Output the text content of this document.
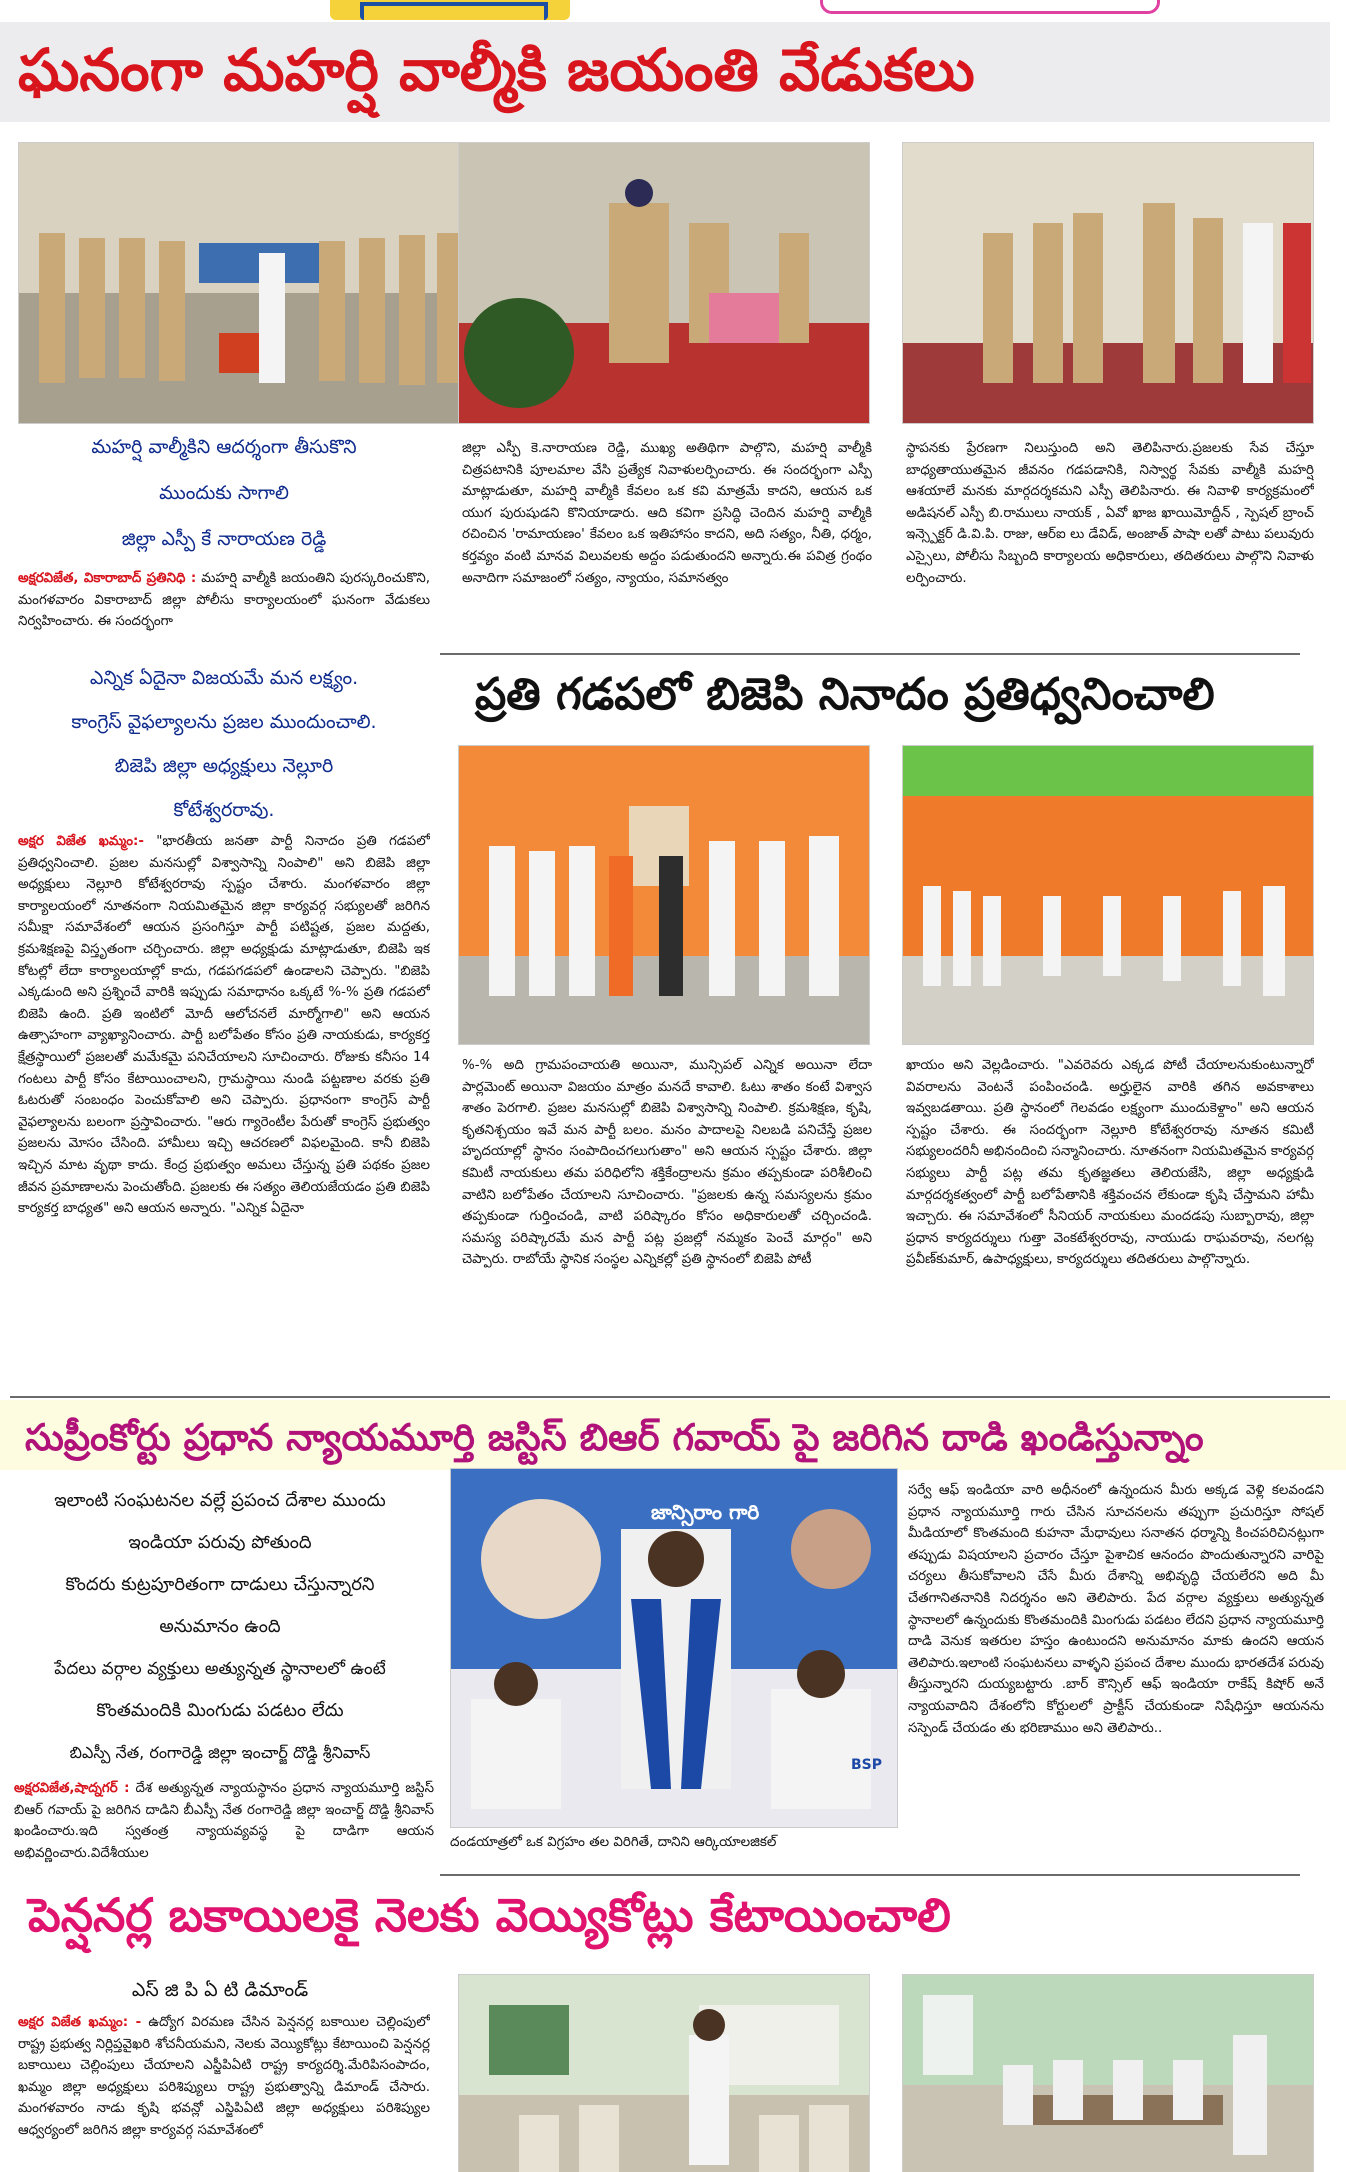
ఘనంగా మహర్షి వాల్మీకి జయంతి వేడుకలు
మహర్షి వాల్మీకిని ఆదర్శంగా తీసుకొని
ముందుకు సాగాలి
జిల్లా ఎస్పీ కే నారాయణ రెడ్డి
అక్షరవిజేత, వికారాబాద్ ప్రతినిధి : మహర్షి వాల్మీకి జయంతిని పురస్కరించుకొని, మంగళవారం వికారాబాద్ జిల్లా పోలీసు కార్యాలయంలో ఘనంగా వేడుకలు నిర్వహించారు. ఈ సందర్భంగా
జిల్లా ఎస్పీ కె.నారాయణ రెడ్డి, ముఖ్య అతిథిగా పాల్గొని, మహర్షి వాల్మీకి చిత్రపటానికి పూలమాల వేసి ప్రత్యేక నివాళులర్పించారు. ఈ సందర్భంగా ఎస్పీ మాట్లాడుతూ, మహర్షి వాల్మీకి కేవలం ఒక కవి మాత్రమే కాదని, ఆయన ఒక యుగ పురుషుడని కొనియాడారు. ఆది కవిగా ప్రసిద్ధి చెందిన మహర్షి వాల్మీకి రచించిన 'రామాయణం' కేవలం ఒక ఇతిహాసం కాదని, అది సత్యం, నీతి, ధర్మం, కర్తవ్యం వంటి మానవ విలువలకు అద్దం పడుతుందని అన్నారు.ఈ పవిత్ర గ్రంథం అనాదిగా సమాజంలో సత్యం, న్యాయం, సమానత్వం
స్థాపనకు ప్రేరణగా నిలుస్తుంది అని తెలిపినారు.ప్రజలకు సేవ చేస్తూ బాధ్యతాయుతమైన జీవనం గడపడానికి, నిస్వార్థ సేవకు వాల్మీకి మహర్షి ఆశయాలే మనకు మార్గదర్శకమని ఎస్పీ తెలిపినారు. ఈ నివాళి కార్యక్రమంలో అడిషనల్ ఎస్పీ బి.రాములు నాయక్ , ఏవో ఖాజ ఖాయిమోద్దీన్ , స్పెషల్ బ్రాంచ్ ఇన్స్పెక్టర్ డి.వి.పి. రాజు, ఆర్ఐ లు డేవిడ్, అంజాత్ పాషా లతో పాటు పలువురు ఎస్సైలు, పోలీసు సిబ్బంది కార్యాలయ అధికారులు, తదితరులు పాల్గొని నివాళు లర్పించారు.
ప్రతి గడపలో బిజెపి నినాదం ప్రతిధ్వనించాలి
ఎన్నిక ఏదైనా విజయమే మన లక్ష్యం.
కాంగ్రెస్ వైఫల్యాలను ప్రజల ముందుంచాలి.
బిజెపి జిల్లా అధ్యక్షులు నెల్లూరి
కోటేశ్వరరావు.
అక్షర విజేత ఖమ్మం:- "భారతీయ జనతా పార్టీ నినాదం ప్రతి గడపలో ప్రతిధ్వనించాలి. ప్రజల మనసుల్లో విశ్వాసాన్ని నింపాలి" అని బిజెపి జిల్లా అధ్యక్షులు నెల్లూరి కోటేశ్వరరావు స్పష్టం చేశారు. మంగళవారం జిల్లా కార్యాలయంలో నూతనంగా నియమితమైన జిల్లా కార్యవర్గ సభ్యులతో జరిగిన సమీక్షా సమావేశంలో ఆయన ప్రసంగిస్తూ పార్టీ పటిష్టత, ప్రజల మద్దతు, క్రమశిక్షణపై విస్తృతంగా చర్చించారు. జిల్లా అధ్యక్షుడు మాట్లాడుతూ, బిజెపి ఇక కోటల్లో లేదా కార్యాలయాల్లో కాదు, గడపగడపలో ఉండాలని చెప్పారు. "బిజెపి ఎక్కడుంది అని ప్రశ్నించే వారికి ఇప్పుడు సమాధానం ఒక్కటే %-% ప్రతి గడపలో బిజెపి ఉంది. ప్రతి ఇంటిలో మోదీ ఆలోచనలే మార్మోగాలి" అని ఆయన ఉత్సాహంగా వ్యాఖ్యానించారు. పార్టీ బలోపేతం కోసం ప్రతి నాయకుడు, కార్యకర్త క్షేత్రస్థాయిలో ప్రజలతో మమేకమై పనిచేయాలని సూచించారు. రోజుకు కనీసం 14 గంటలు పార్టీ కోసం కేటాయించాలని, గ్రామస్థాయి నుండి పట్టణాల వరకు ప్రతి ఓటరుతో సంబంధం పెంచుకోవాలి అని చెప్పారు. ప్రధానంగా కాంగ్రెస్ పార్టీ వైఫల్యాలను బలంగా ప్రస్తావించారు. "ఆరు గ్యారెంటీల పేరుతో కాంగ్రెస్ ప్రభుత్వం ప్రజలను మోసం చేసింది. హామీలు ఇచ్చి ఆచరణలో విఫలమైంది. కానీ బిజెపి ఇచ్చిన మాట వృథా కాదు. కేంద్ర ప్రభుత్వం అమలు చేస్తున్న ప్రతి పథకం ప్రజల జీవన ప్రమాణాలను పెంచుతోంది. ప్రజలకు ఈ సత్యం తెలియజేయడం ప్రతి బిజెపి కార్యకర్త బాధ్యత" అని ఆయన అన్నారు. "ఎన్నిక ఏదైనా
%-% అది గ్రామపంచాయతి అయినా, మున్సిపల్ ఎన్నిక అయినా లేదా పార్లమెంట్ అయినా విజయం మాత్రం మనదే కావాలి. ఓటు శాతం కంటే విశ్వాస శాతం పెరగాలి. ప్రజల మనసుల్లో బిజెపి విశ్వాసాన్ని నింపాలి. క్రమశిక్షణ, కృషి, కృతనిశ్చయం ఇవే మన పార్టీ బలం. మనం పాదాలపై నిలబడి పనిచేస్తే ప్రజల హృదయాల్లో స్థానం సంపాదించగలుగుతాం" అని ఆయన స్పష్టం చేశారు. జిల్లా కమిటీ నాయకులు తమ పరిధిలోని శక్తికేంద్రాలను క్రమం తప్పకుండా పరిశీలించి వాటిని బలోపేతం చేయాలని సూచించారు. "ప్రజలకు ఉన్న సమస్యలను క్రమం తప్పకుండా గుర్తించండి, వాటి పరిష్కారం కోసం అధికారులతో చర్చించండి. సమస్య పరిష్కారమే మన పార్టీ పట్ల ప్రజల్లో నమ్మకం పెంచే మార్గం" అని చెప్పారు. రాబోయే స్థానిక సంస్థల ఎన్నికల్లో ప్రతి స్థానంలో బిజెపి పోటీ
ఖాయం అని వెల్లడించారు. "ఎవరెవరు ఎక్కడ పోటీ చేయాలనుకుంటున్నారో వివరాలను వెంటనే పంపించండి. అర్హులైన వారికి తగిన అవకాశాలు ఇవ్వబడతాయి. ప్రతి స్థానంలో గెలవడం లక్ష్యంగా ముందుకెళ్దాం" అని ఆయన స్పష్టం చేశారు. ఈ సందర్భంగా నెల్లూరి కోటేశ్వరరావు నూతన కమిటీ సభ్యులందరినీ అభినందించి సన్మానించారు. నూతనంగా నియమితమైన కార్యవర్గ సభ్యులు పార్టీ పట్ల తమ కృతజ్ఞతలు తెలియజేసి, జిల్లా అధ్యక్షుడి మార్గదర్శకత్వంలో పార్టీ బలోపేతానికి శక్తివంచన లేకుండా కృషి చేస్తామని హామీ ఇచ్చారు. ఈ సమావేశంలో సీనియర్ నాయకులు మందడపు సుబ్బారావు, జిల్లా ప్రధాన కార్యదర్శులు గుత్తా వెంకటేశ్వరరావు, నాయుడు రాఘవరావు, నలగట్ల ప్రవీణ్‌కుమార్, ఉపాధ్యక్షులు, కార్యదర్శులు తదితరులు పాల్గొన్నారు.
సుప్రీంకోర్టు ప్రధాన న్యాయమూర్తి జస్టిస్ బిఆర్ గవాయ్ పై జరిగిన దాడి ఖండిస్తున్నాం
ఇలాంటి సంఘటనల వల్లే ప్రపంచ దేశాల ముందు
ఇండియా పరువు పోతుంది
కొందరు కుట్రపూరితంగా దాడులు చేస్తున్నారని
అనుమానం ఉంది
పేదలు వర్గాల వ్యక్తులు అత్యున్నత స్థానాలలో ఉంటే
కొంతమందికి మింగుడు పడటం లేదు
బిఎస్పీ నేత, రంగారెడ్డి జిల్లా ఇంచార్జ్ దొడ్డి శ్రీనివాస్
జాన్సిరాం గారి
BSP
అక్షరవిజేత,షాద్నగర్ : దేశ అత్యున్నత న్యాయస్థానం ప్రధాన న్యాయమూర్తి జస్టిస్ బిఆర్ గవాయ్ పై జరిగిన దాడిని బీఎస్పీ నేత రంగారెడ్డి జిల్లా ఇంచార్జ్ దొడ్డి శ్రీనివాస్ ఖండించారు.ఇది స్వతంత్ర న్యాయవ్యవస్థ పై దాడిగా ఆయన అభివర్ణించారు.విదేశీయుల
దండయాత్రలో ఒక విగ్రహం తల విరిగితే, దానిని ఆర్కియాలజికల్
సర్వే ఆఫ్ ఇండియా వారి అధీనంలో ఉన్నందున మీరు అక్కడ వెళ్లి కలవండని ప్రధాన న్యాయమూర్తి గారు చేసిన సూచనలను తప్పుగా ప్రచురిస్తూ సోషల్ మీడియాలో కొంతమంది కుహనా మేధావులు సనాతన ధర్మాన్ని కించపరిచినట్లుగా తప్పుడు విషయాలని ప్రచారం చేస్తూ పైశాచిక ఆనందం పొందుతున్నారని వారిపై చర్యలు తీసుకోవాలని చేసే మీరు దేశాన్ని అభివృద్ధి చేయలేరని అది మీ చేతగానితనానికి నిదర్శనం అని తెలిపారు. పేద వర్గాల వ్యక్తులు అత్యున్నత స్థానాలలో ఉన్నందుకు కొంతమందికి మింగుడు పడటం లేదని ప్రధాన న్యాయమూర్తి దాడి వెనుక ఇతరుల హస్తం ఉంటుందని అనుమానం మాకు ఉందని ఆయన తెలిపారు.ఇలాంటి సంఘటనలు వాళ్ళని ప్రపంచ దేశాల ముందు భారతదేశ పరువు తీస్తున్నారని దుయ్యబట్టారు .బార్ కౌన్సిల్ ఆఫ్ ఇండియా రాకేష్ కిషోర్ అనే న్యాయవాదిని దేశంలోని కోర్టులలో ప్రాక్టీస్ చేయకుండా నిషేధిస్తూ ఆయనను సస్పెండ్ చేయడం తు భరిణాముం అని తెలిపారు..
పెన్షనర్ల బకాయిలకై నెలకు వెయ్యికోట్లు కేటాయించాలి
ఎస్ జి పి ఏ టి డిమాండ్
అక్షర విజేత ఖమ్మం: - ఉద్యోగ విరమణ చేసిన పెన్షనర్ల బకాయిల చెల్లింపులో రాష్ట్ర ప్రభుత్వ నిర్లిప్తవైఖరి శోచనీయమని, నెలకు వెయ్యికోట్లు కేటాయించి పెన్షనర్ల బకాయిలు చెల్లింపులు చేయాలని ఎస్జీపిఏటి రాష్ట్ర కార్యదర్శి.మేరిపిసంపాదం, ఖమ్మం జిల్లా అధ్యక్షులు పరిశిప్యులు రాష్ట్ర ప్రభుత్వాన్ని డిమాండ్ చేసారు. మంగళవారం నాడు కృషి భవన్లో ఎస్జిపిఏటి జిల్లా అధ్యక్షులు పరిశిప్యుల ఆధ్వర్యంలో జరిగిన జిల్లా కార్యవర్గ సమావేశంలో
